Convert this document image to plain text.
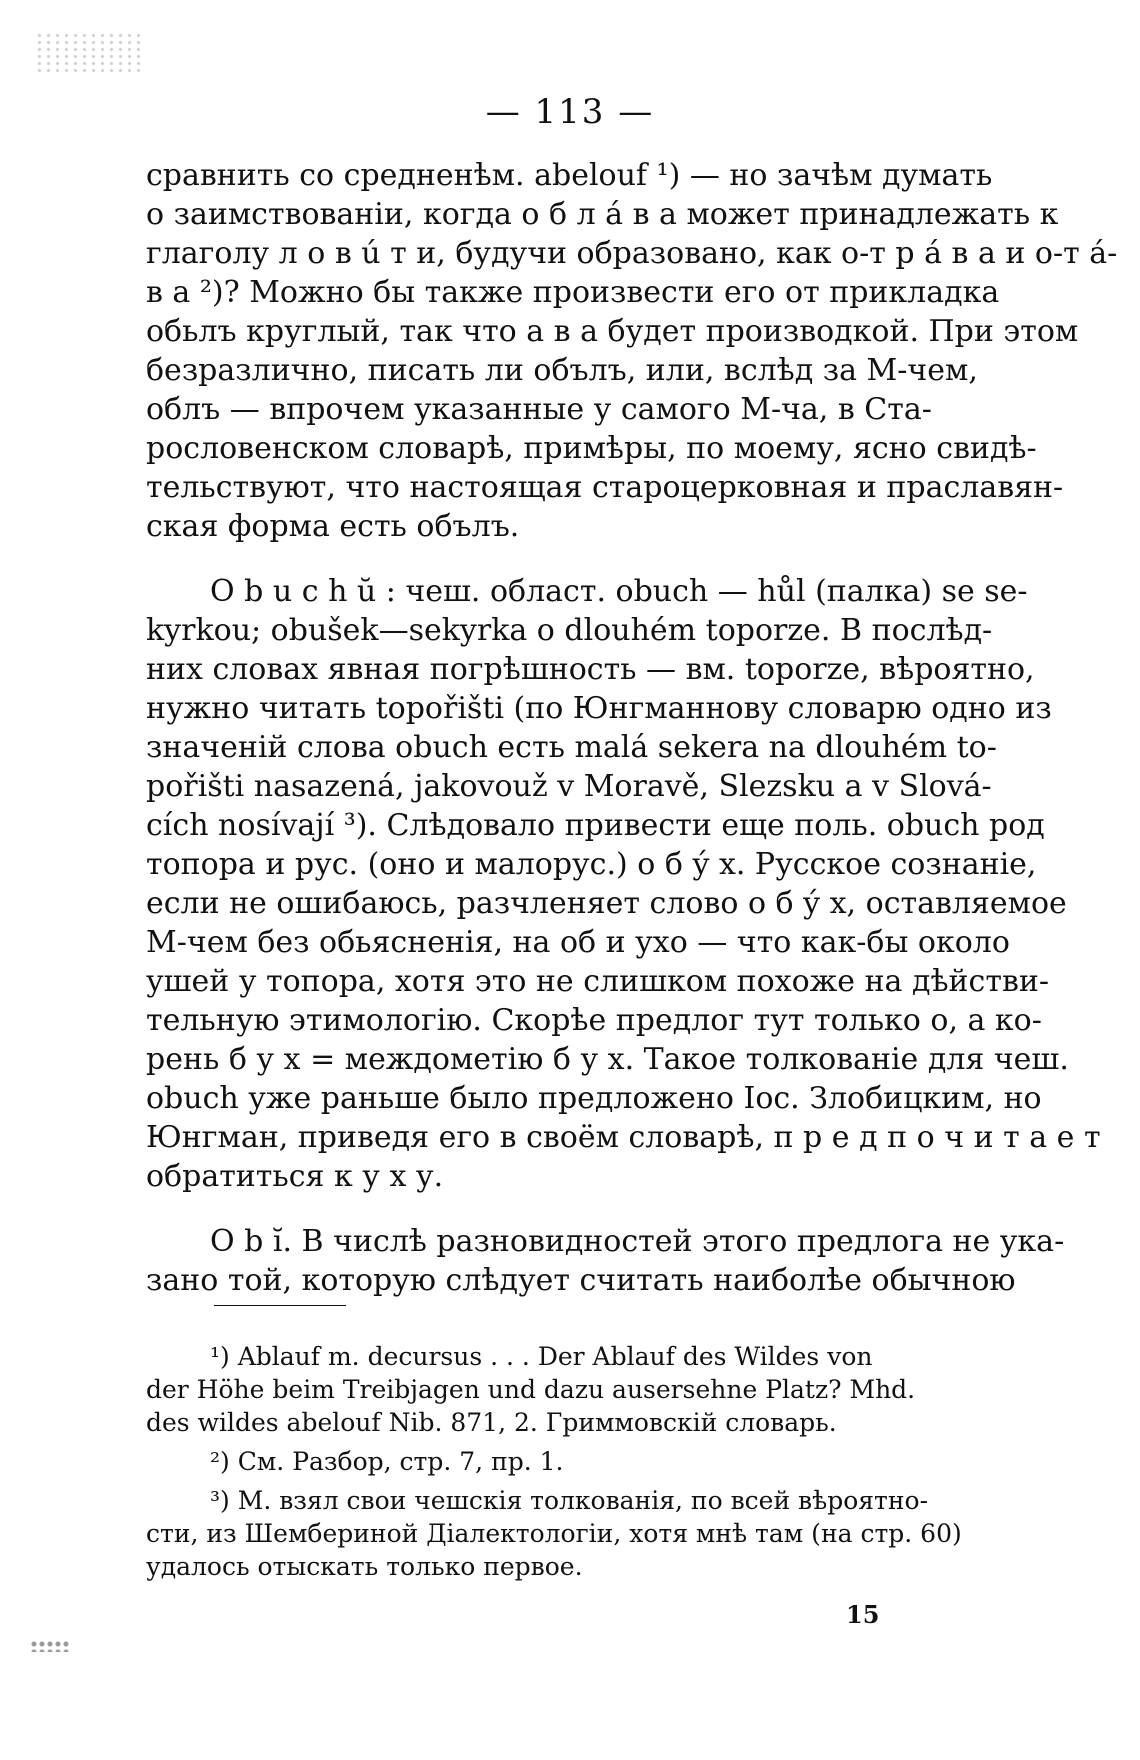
— 113 —
сравнить со средненѣм. abelouf ¹) — но зачѣм думать
о заимствованіи, когда о б л á в а может принадлежать к
глаголу л о в ú т и, будучи образовано, как о-т р á в а и о-т á-
в а ²)? Можно бы также произвести его от прикладка
обьлъ круглый, так что а в а будет производкой. При этом
безразлично, писать ли обълъ, или, вслѣд за М-чем,
облъ — впрочем указанные у самого М-ча, в Ста-
рословенском словарѣ, примѣры, по моему, ясно свидѣ-
тельствуют, что настоящая староцерковная и праславян-
ская форма есть обълъ.
O b u c h ŭ : чеш. област. obuch — hůl (палка) se se-
kyrkou; obušek—sekyrka o dlouhém toporze. В послѣд-
них словах явная погрѣшность — вм. toporze, вѣроятно,
нужно читать topořišti (по Юнгманнову словарю одно из
значеній слова obuch есть malá sekera na dlouhém to-
pořišti nasazená, jakovouž v Moravě, Slezsku a v Slová-
cích nosívají ³). Слѣдовало привести еще поль. obuch род
топора и рус. (оно и малорус.) о б ý х. Русское сознаніе,
если не ошибаюсь, разчленяет слово о б ý х, оставляемое
М-чем без обьясненія, на об и ухо — что как-бы около
ушей у топора, хотя это не слишком похоже на дѣйстви-
тельную этимологію. Скорѣе предлог тут только о, а ко-
рень б у х = междометію б у х. Такое толкованіе для чеш.
obuch уже раньше было предложено Іос. Злобицким, но
Юнгман, приведя его в своём словарѣ, п р е д п о ч и т а е т
обратиться к у х у.
O b ĭ. В числѣ разновидностей этого предлога не ука-
зано той, которую слѣдует считать наиболѣе обычною
¹) Ablauf m. decursus . . . Der Ablauf des Wildes von
der Höhe beim Treibjagen und dazu ausersehne Platz? Mhd.
des wildes abelouf Nib. 871, 2. Гриммовскій словарь.
²) См. Разбор, стр. 7, пр. 1.
³) М. взял свои чешскія толкованія, по всей вѣроятно-
сти, из Шембериной Діалектологіи, хотя мнѣ там (на стр. 60)
удалось отыскать только первое.
15
